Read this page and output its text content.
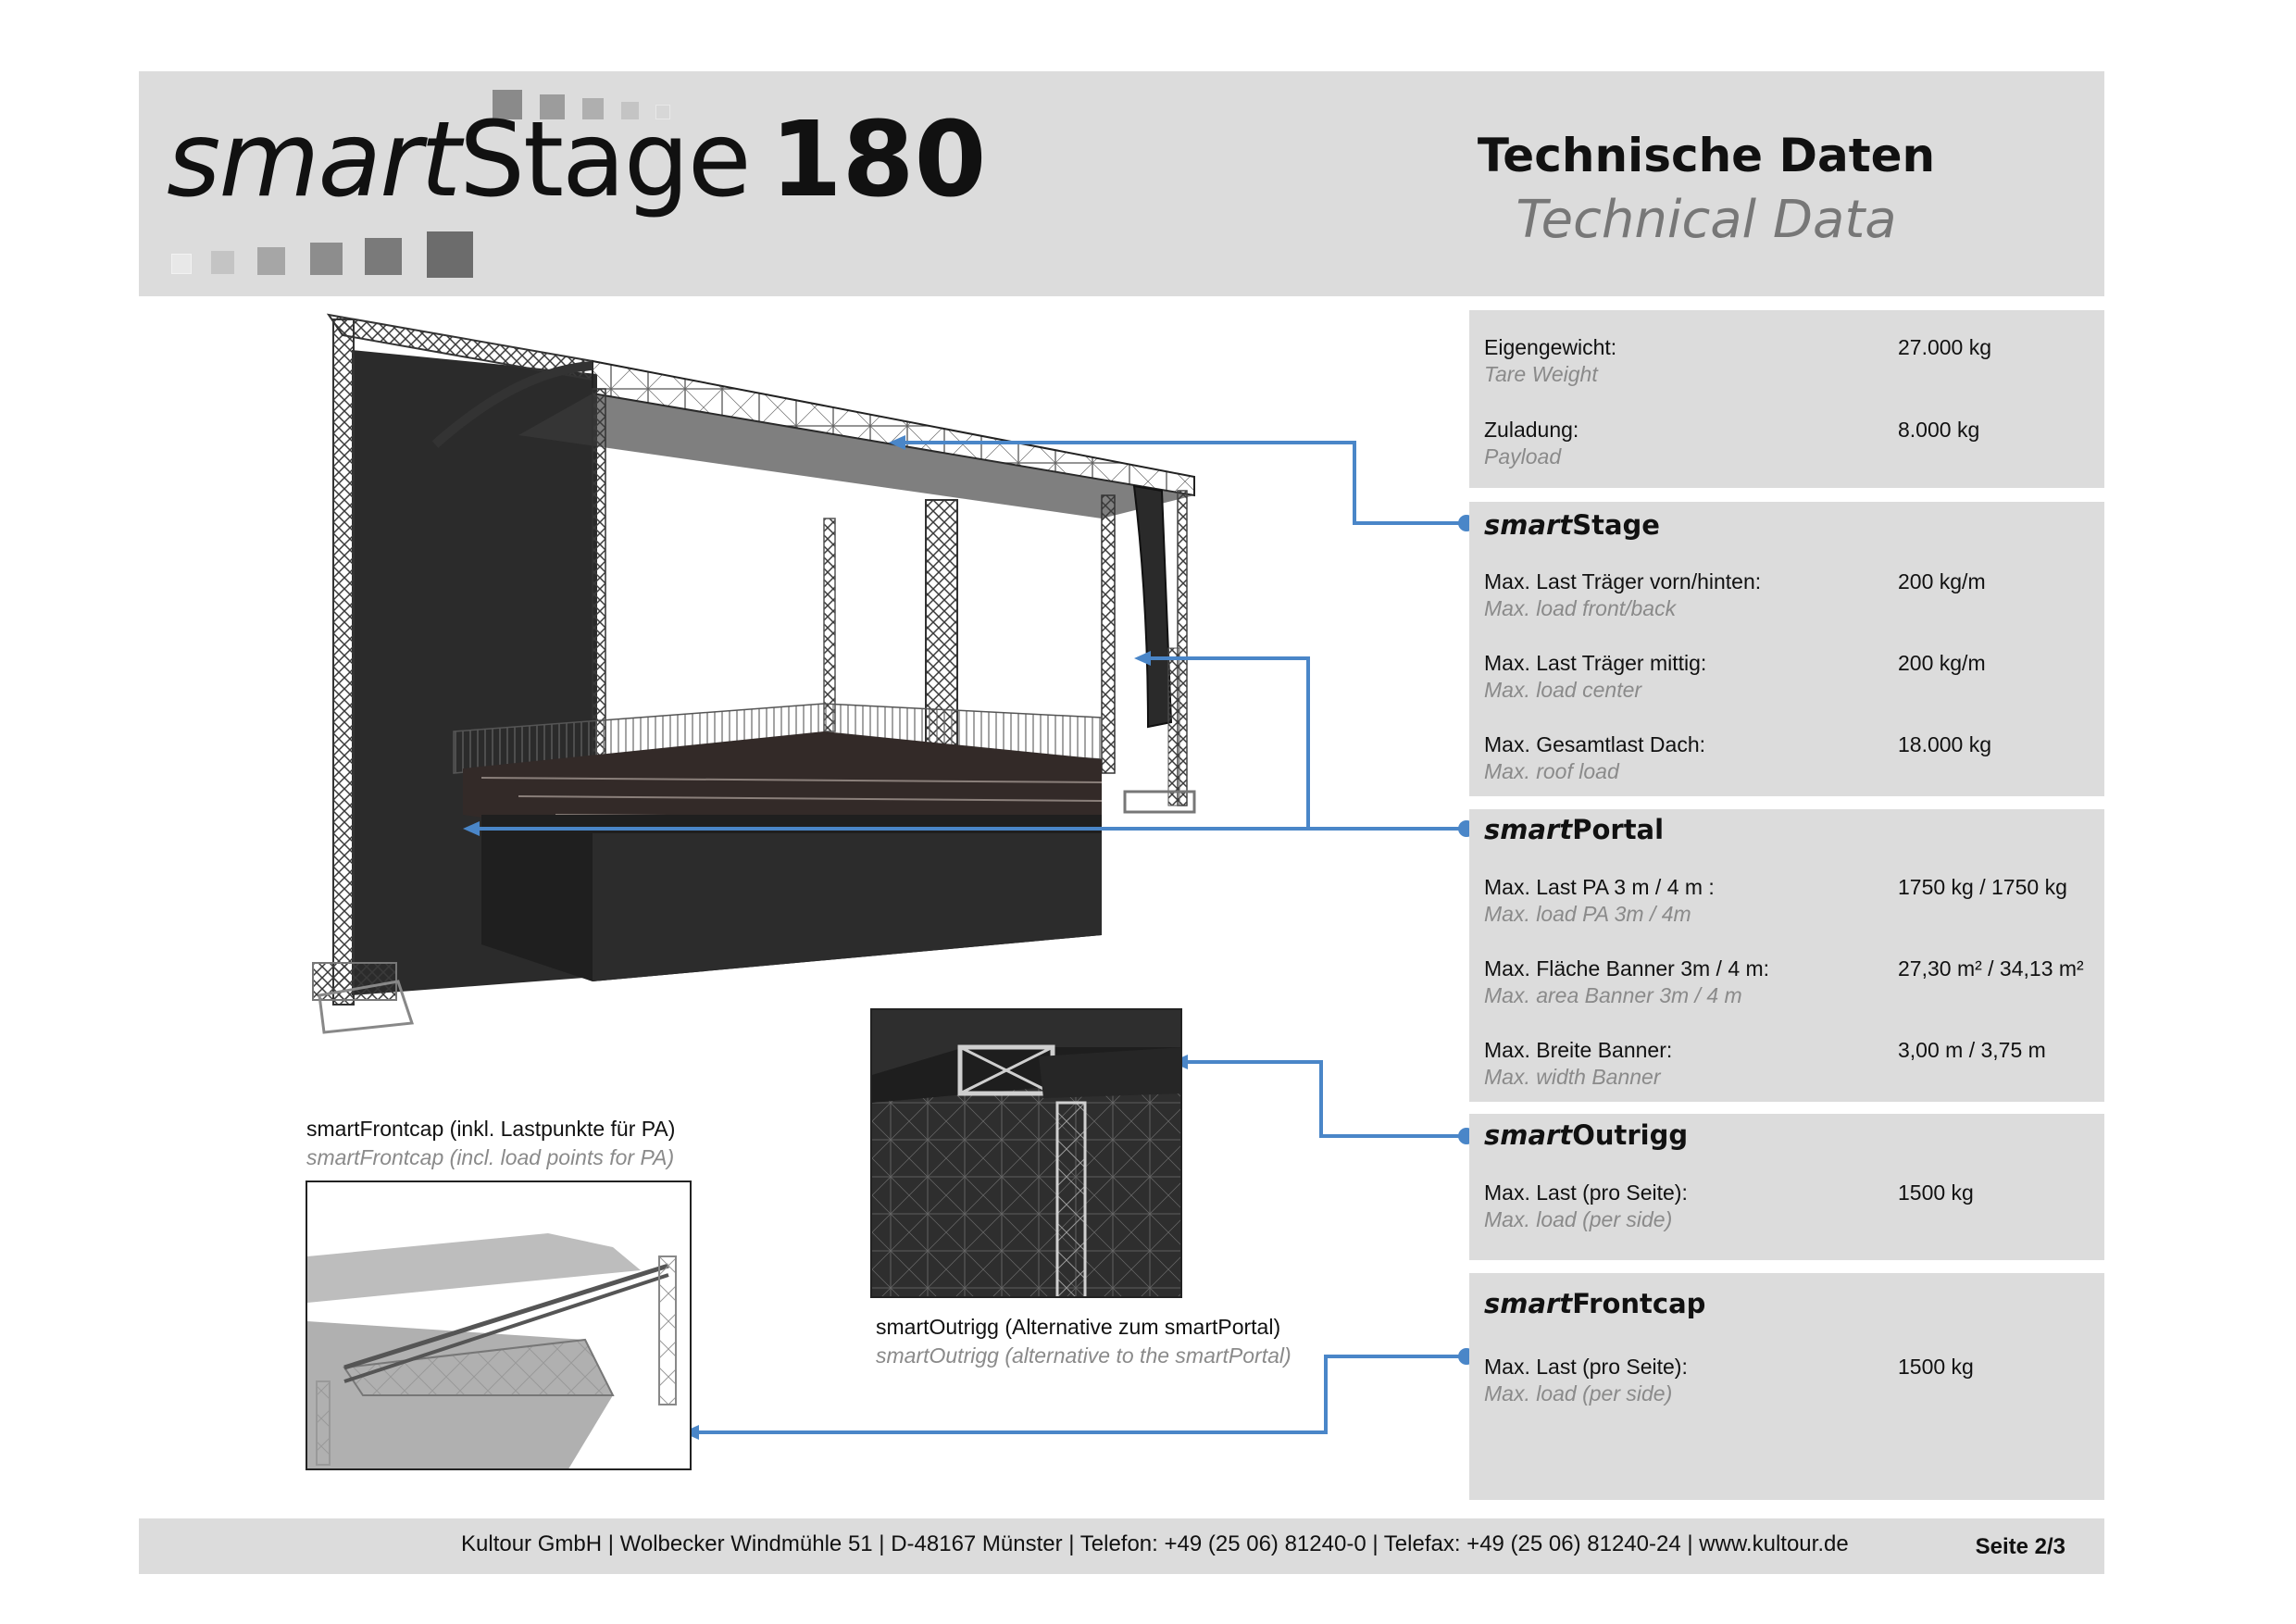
smartStage 180	Technische Daten
Technical Data
Eigengewicht:
Tare Weight
27.000 kg
Zuladung:
Payload
8.000 kg
smartStage
Max. Last Träger vorn/hinten:
Max. load front/back
200 kg/m
Max. Last Träger mittig:
Max. load center
200 kg/m
Max. Gesamtlast Dach:
Max. roof load
18.000 kg
smartPortal
Max. Last PA 3 m / 4 m :
Max. load PA 3m / 4m
1750 kg / 1750 kg
Max. Fläche Banner 3m / 4 m:
Max. area Banner 3m / 4 m
27,30 m² / 34,13 m²
Max. Breite Banner:
Max. width Banner
3,00 m / 3,75 m
smartOutrigg
Max. Last (pro Seite):
Max. load (per side)
1500 kg
smartFrontcap
Max. Last (pro Seite):
Max. load (per side)
1500 kg
smartOutrigg (Alternative zum smartPortal)
smartOutrigg (alternative to the smartPortal)
smartFrontcap (inkl. Lastpunkte für PA)
smartFrontcap (incl. load points for PA)
Kultour GmbH | Wolbecker Windmühle 51 | D-48167 Münster | Telefon: +49 (25 06) 81240-0 | Telefax: +49 (25 06) 81240-24 | www.kultour.de	Seite 2/3
